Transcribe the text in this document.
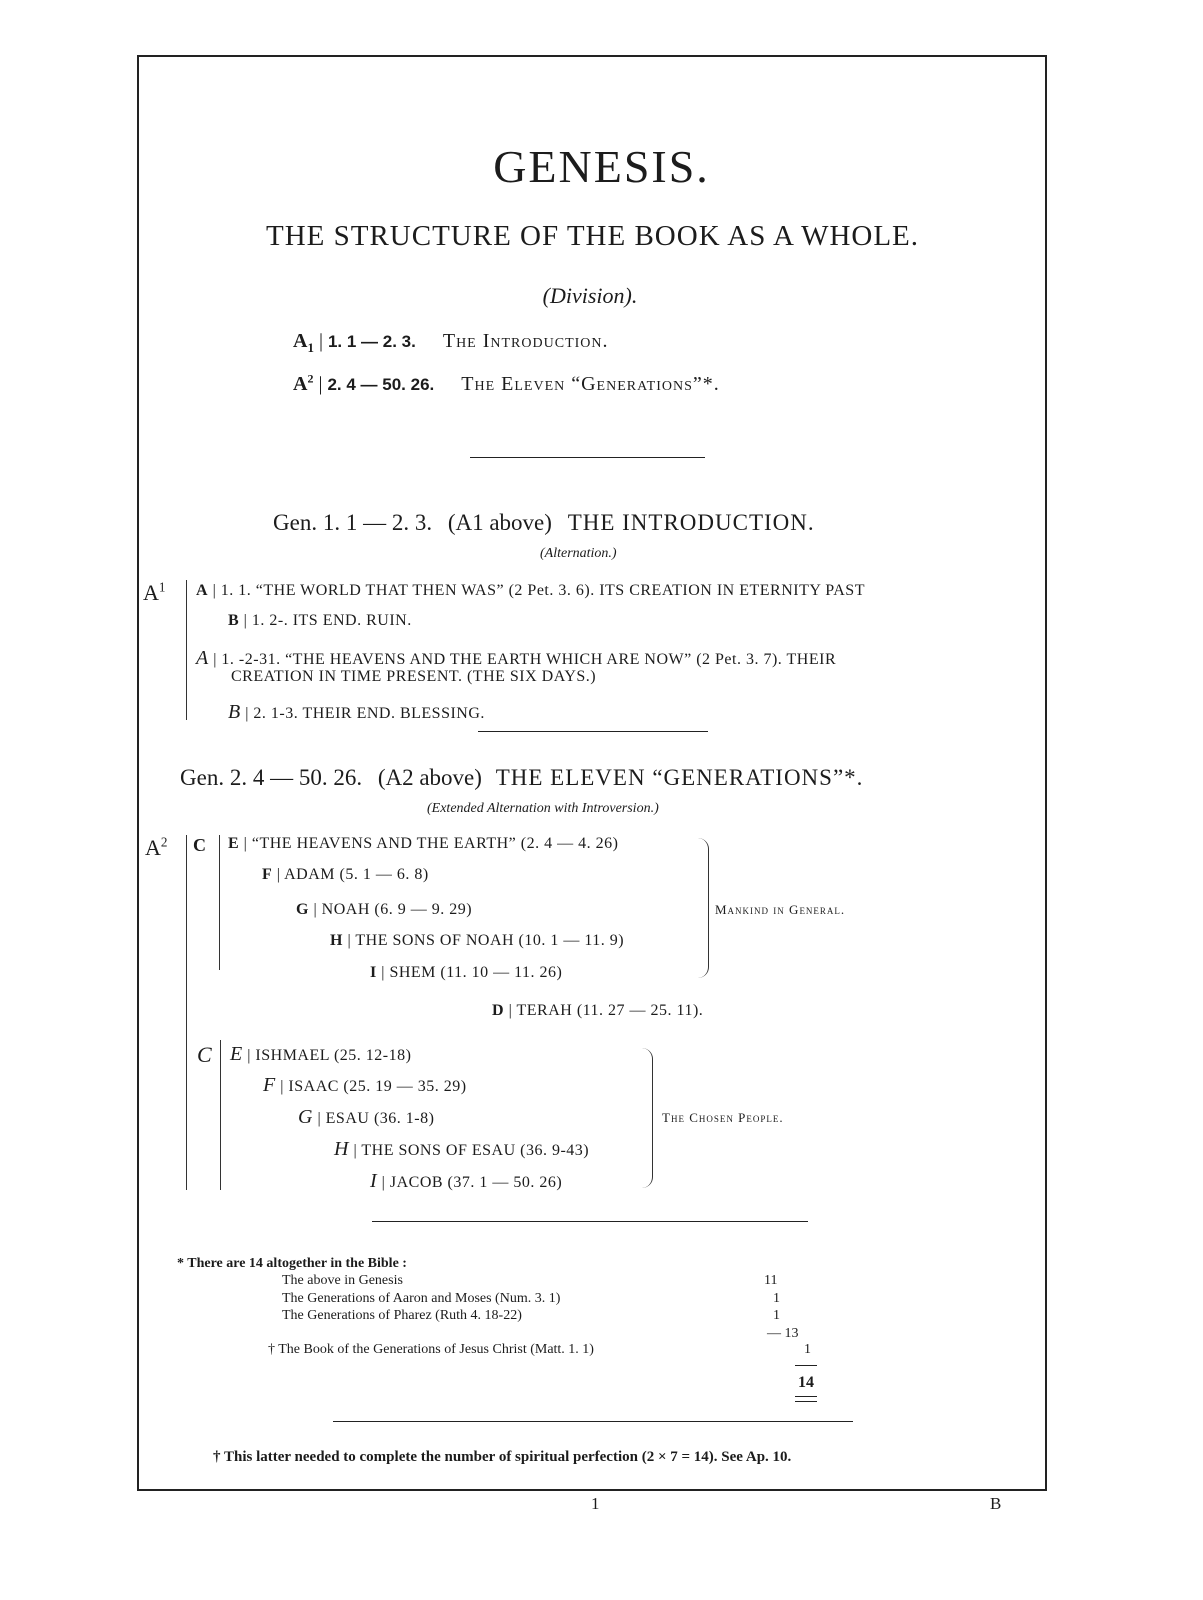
GENESIS.
THE STRUCTURE OF THE BOOK AS A WHOLE.
(Division).
$A_1$ | 1. 1 — 2. 3. The Introduction.
$A^2$ | 2. 4 — 50. 26. The Eleven “Generations”*.
Gen. 1. 1 — 2. 3. (A1 above) THE INTRODUCTION.
(Alternation.)
$A^1$ A | 1. 1. “THE WORLD THAT THEN WAS” (2 Pet. 3. 6). ITS CREATION IN ETERNITY PAST
B | 1. 2-. ITS END. RUIN.
A | 1. -2-31. “THE HEAVENS AND THE EARTH WHICH ARE NOW” (2 Pet. 3. 7). THEIR
CREATION IN TIME PRESENT. (THE SIX DAYS.)
B | 2. 1-3. THEIR END. BLESSING.
Gen. 2. 4 — 50. 26. (A2 above) THE ELEVEN “GENERATIONS”*.
(Extended Alternation with Introversion.)
$A^2$ C E | “THE HEAVENS AND THE EARTH” (2. 4 — 4. 26)
F | ADAM (5. 1 — 6. 8)
G | NOAH (6. 9 — 9. 29)
H | THE SONS OF NOAH (10. 1 — 11. 9)
I | SHEM (11. 10 — 11. 26)
Mankind in General.
D | TERAH (11. 27 — 25. 11).
C E | ISHMAEL (25. 12-18)
F | ISAAC (25. 19 — 35. 29)
G | ESAU (36. 1-8)
H | THE SONS OF ESAU (36. 9-43)
I | JACOB (37. 1 — 50. 26)
The Chosen People.
* There are 14 altogether in the Bible :
The above in Genesis	11
The Generations of Aaron and Moses (Num. 3. 1)	1
The Generations of Pharez (Ruth 4. 18-22)	1
— 13
† The Book of the Generations of Jesus Christ (Matt. 1. 1)	1
14
† This latter needed to complete the number of spiritual perfection (2 × 7 = 14). See Ap. 10.
1	B
